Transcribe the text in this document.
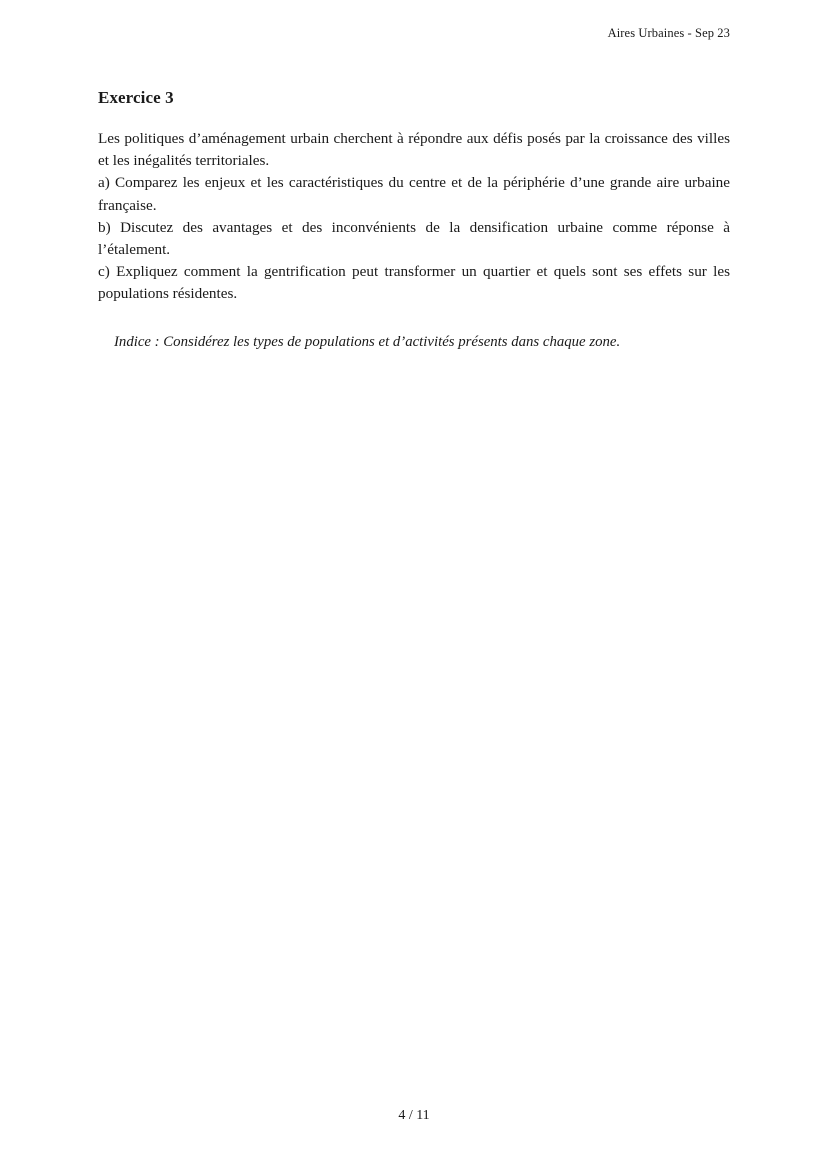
Aires Urbaines - Sep 23
Exercice 3

Les politiques d’aménagement urbain cherchent à répondre aux défis posés par la croissance des villes et les inégalités territoriales.

a) Comparez les enjeux et les caractéristiques du centre et de la périphérie d’une grande aire urbaine française.

b) Discutez des avantages et des inconvénients de la densification urbaine comme réponse à l’étalement.

c) Expliquez comment la gentrification peut transformer un quartier et quels sont ses effets sur les populations résidentes.

Indice : Considérez les types de populations et d’activités présents dans chaque zone.
4 / 11
